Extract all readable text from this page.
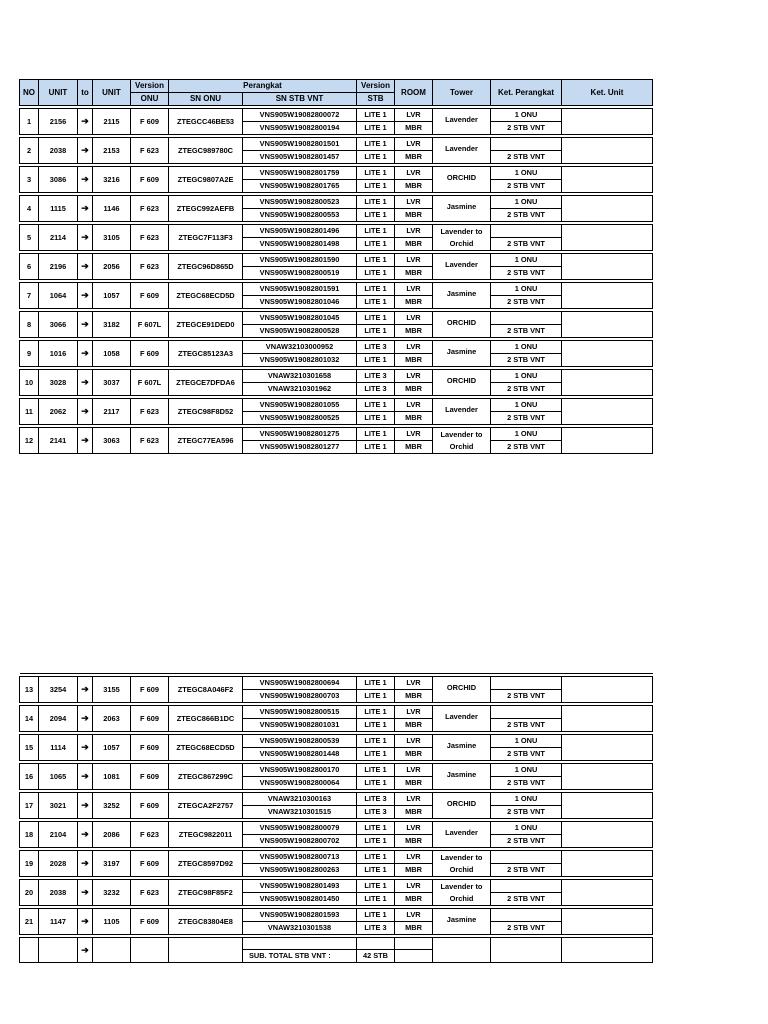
NO	UNIT	to	UNIT	Version	Perangkat		Version	ROOM	Tower	Ket. Perangkat	Ket. Unit
				ONU	SN ONU	SN STB VNT	STB				

1	2156	➔	2115	F 609	ZTEGCC46BE53	VNS905W19082800072	LITE 1	LVR	Lavender	1 ONU	
						VNS905W19082800194	LITE 1	MBR		2 STB VNT	

2	2038	➔	2153	F 623	ZTEGC989780C	VNS905W19082801501	LITE 1	LVR	Lavender		

						VNS905W19082801457	LITE 1	MBR		2 STB VNT	

3	3086	➔	3216	F 609	ZTEGC9807A2E	VNS905W19082801759	LITE 1	LVR	ORCHID	1 ONU	
						VNS905W19082801765	LITE 1	MBR		2 STB VNT	

4	1115	➔	1146	F 623	ZTEGC992AEFB	VNS905W19082800523	LITE 1	LVR	Jasmine	1 ONU	
						VNS905W19082800553	LITE 1	MBR		2 STB VNT	

5	2114	➔	3105	F 623	ZTEGC7F113F3	VNS905W19082801496	LITE 1	LVR	Lavender to
Orchid		

						VNS905W19082801498	LITE 1	MBR		2 STB VNT	

6	2196	➔	2056	F 623	ZTEGC96D865D	VNS905W19082801590	LITE 1	LVR	Lavender	1 ONU	
						VNS905W19082800519	LITE 1	MBR		2 STB VNT	

7	1064	➔	1057	F 609	ZTEGC68ECD5D	VNS905W19082801591	LITE 1	LVR	Jasmine	1 ONU	
						VNS905W19082801046	LITE 1	MBR		2 STB VNT	

8	3066	➔	3182	F 607L	ZTEGCE91DED0	VNS905W19082801045	LITE 1	LVR	ORCHID		

						VNS905W19082800528	LITE 1	MBR		2 STB VNT	

9	1016	➔	1058	F 609	ZTEGC85123A3	VNAW32103000952	LITE 3	LVR	Jasmine	1 ONU	
						VNS905W19082801032	LITE 1	MBR		2 STB VNT	

10	3028	➔	3037	F 607L	ZTEGCE7DFDA6	VNAW3210301658	LITE 3	LVR	ORCHID	1 ONU	
						VNAW3210301962	LITE 3	MBR		2 STB VNT	

11	2062	➔	2117	F 623	ZTEGC98F8D52	VNS905W19082801055	LITE 1	LVR	Lavender	1 ONU	
						VNS905W19082800525	LITE 1	MBR		2 STB VNT	

12	2141	➔	3063	F 623	ZTEGC77EA596	VNS905W19082801275	LITE 1	LVR	Lavender to
Orchid	1 ONU	
						VNS905W19082801277	LITE 1	MBR		2 STB VNT	

13	3254	➔	3155	F 609	ZTEGC8A046F2	VNS905W19082800694	LITE 1	LVR	ORCHID		

						VNS905W19082800703	LITE 1	MBR		2 STB VNT	

14	2094	➔	2063	F 609	ZTEGC866B1DC	VNS905W19082800515	LITE 1	LVR	Lavender		

						VNS905W19082801031	LITE 1	MBR		2 STB VNT	

15	1114	➔	1057	F 609	ZTEGC68ECD5D	VNS905W19082800539	LITE 1	LVR	Jasmine	1 ONU	
						VNS905W19082801448	LITE 1	MBR		2 STB VNT	

16	1065	➔	1081	F 609	ZTEGC867299C	VNS905W19082800170	LITE 1	LVR	Jasmine	1 ONU	
						VNS905W19082800064	LITE 1	MBR		2 STB VNT	

17	3021	➔	3252	F 609	ZTEGCA2F2757	VNAW3210300163	LITE 3	LVR	ORCHID	1 ONU	
						VNAW3210301515	LITE 3	MBR		2 STB VNT	

18	2104	➔	2086	F 623	ZTEGC9822011	VNS905W19082800079	LITE 1	LVR	Lavender	1 ONU	
						VNS905W19082800702	LITE 1	MBR		2 STB VNT	

19	2028	➔	3197	F 609	ZTEGC8597D92	VNS905W19082800713	LITE 1	LVR	Lavender to
Orchid		

						VNS905W19082800263	LITE 1	MBR		2 STB VNT	

20	2038	➔	3232	F 623	ZTEGC98F85F2	VNS905W19082801493	LITE 1	LVR	Lavender to
Orchid		

						VNS905W19082801450	LITE 1	MBR		2 STB VNT	

21	1147	➔	1105	F 609	ZTEGC83804E8	VNS905W19082801593	LITE 1	LVR	Jasmine		

						VNAW3210301538	LITE 3	MBR		2 STB VNT	

		➔									
						SUB. TOTAL STB VNT :	42 STB				
